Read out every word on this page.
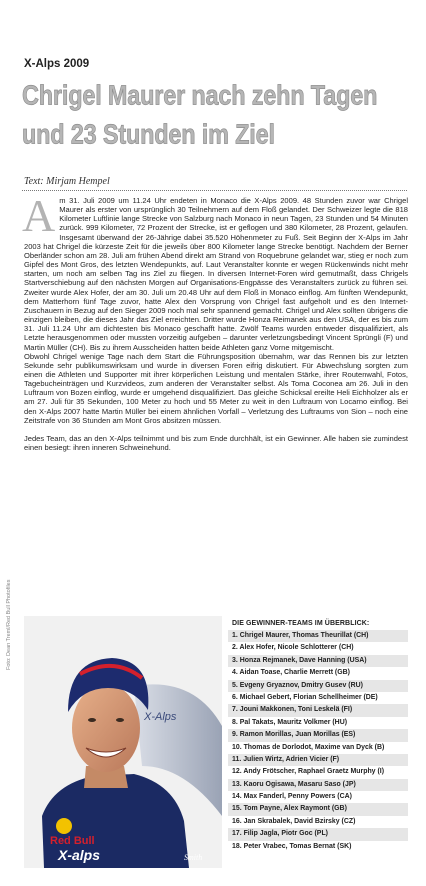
X-Alps 2009
Chrigel Maurer nach zehn Tagen und 23 Stunden im Ziel
Text: Mirjam Hempel

Am 31. Juli 2009 um 11.24 Uhr endeten in Monaco die X-Alps 2009. 48 Stunden zuvor war Chrigel Maurer als erster von ursprünglich 30 Teilnehmern auf dem Floß gelandet. Der Schweizer legte die 818 Kilometer Luftlinie lange Strecke von Salzburg nach Monaco in neun Tagen, 23 Stunden und 54 Minuten zurück. 999 Kilometer, 72 Prozent der Strecke, ist er geflogen und 380 Kilometer, 28 Prozent, gelaufen. Insgesamt überwand der 26-Jährige dabei 35.520 Höhenmeter zu Fuß. Seit Beginn der X-Alps im Jahr 2003 hat Chrigel die kürzeste Zeit für die jeweils über 800 Kilometer lange Strecke benötigt. Nachdem der Berner Oberländer schon am 28. Juli am frühen Abend direkt am Strand von Roquebrune gelandet war, stieg er noch zum Gipfel des Mont Gros, des letzten Wendepunkts, auf. Laut Veranstalter konnte er wegen Rückenwinds nicht mehr starten, um noch am selben Tag ins Ziel zu fliegen. In diversen Internet-Foren wird gemutmaßt, dass Chrigels Startverschiebung auf den nächsten Morgen auf Organisations-Engpässe des Veranstalters zurück zu führen sei. Zweiter wurde Alex Hofer, der am 30. Juli um 20.48 Uhr auf dem Floß in Monaco einflog. Am fünften Wendepunkt, dem Matterhorn fünf Tage zuvor, hatte Alex den Vorsprung von Chrigel fast aufgeholt und es den Internet-Zuschauern in Bezug auf den Sieger 2009 noch mal sehr spannend gemacht. Chrigel und Alex sollten übrigens die einzigen bleiben, die dieses Jahr das Ziel erreichten. Dritter wurde Honza Reimanek aus den USA, der es bis zum 31. Juli 11.24 Uhr am dichtesten bis Monaco geschafft hatte. Zwölf Teams wurden entweder disqualifiziert, als Letzte herausgenommen oder mussten vorzeitig aufgeben – darunter verletzungsbedingt Vincent Sprüngli (F) und Martin Müller (CH). Bis zu ihrem Ausscheiden hatten beide Athleten ganz Vorne mitgemischt.

Obwohl Chrigel wenige Tage nach dem Start die Führungsposition übernahm, war das Rennen bis zur letzten Sekunde sehr publikumswirksam und wurde in diversen Foren eifrig diskutiert. Für Abwechslung sorgten zum einen die Athleten und Supporter mit ihrer körperlichen Leistung und mentalen Stärke, ihrer Routenwahl, Fotos, Tagebucheinträgen und Kurzvideos, zum anderen der Veranstalter selbst. Als Toma Coconea am 26. Juli in den Luftraum von Bozen einflog, wurde er umgehend disqualifiziert. Das gleiche Schicksal ereilte Heli Eichholzer als er am 27. Juli für 35 Sekunden, 100 Meter zu hoch und 55 Meter zu weit in den Luftraum von Locarno einflog. Bei den X-Alps 2007 hatte Martin Müller bei einem ähnlichen Vorfall – Verletzung des Luftraums von Sion – noch eine Zeitstrafe von 36 Stunden am Mont Gros absitzen müssen.

Jedes Team, das an den X-Alps teilnimmt und bis zum Ende durchhält, ist ein Gewinner. Alle haben sie zumindest einen besiegt: ihren inneren Schweinehund.

Foto: Dean Treml/Red Bull Photofiles
X-Alps
Red Bull
X-alps	Smith
DIE GEWINNER-TEAMS IM ÜBERBLICK:
1. Chrigel Maurer, Thomas Theurillat (CH)
2. Alex Hofer, Nicole Schlotterer (CH)
3. Honza Rejmanek, Dave Hanning (USA)
4. Aidan Toase, Charlie Merrett (GB)
5. Evgeny Gryaznov, Dmitry Gusev (RU)
6. Michael Gebert, Florian Schellheimer (DE)
7. Jouni Makkonen, Toni Leskelä (FI)
8. Pal Takats, Mauritz Volkmer (HU)
9. Ramon Morillas, Juan Morillas (ES)
10. Thomas de Dorlodot, Maxime van Dyck (B)
11. Julien Wirtz, Adrien Vicier (F)
12. Andy Frötscher, Raphael Graetz Murphy (I)
13. Kaoru Ogisawa, Masaru Saso (JP)
14. Max Fanderl, Penny Powers (CA)
15. Tom Payne, Alex Raymont (GB)
16. Jan Skrabalek, David Bzirsky (CZ)
17. Filip Jagla, Piotr Goc (PL)
18. Peter Vrabec, Tomas Bernat (SK)
